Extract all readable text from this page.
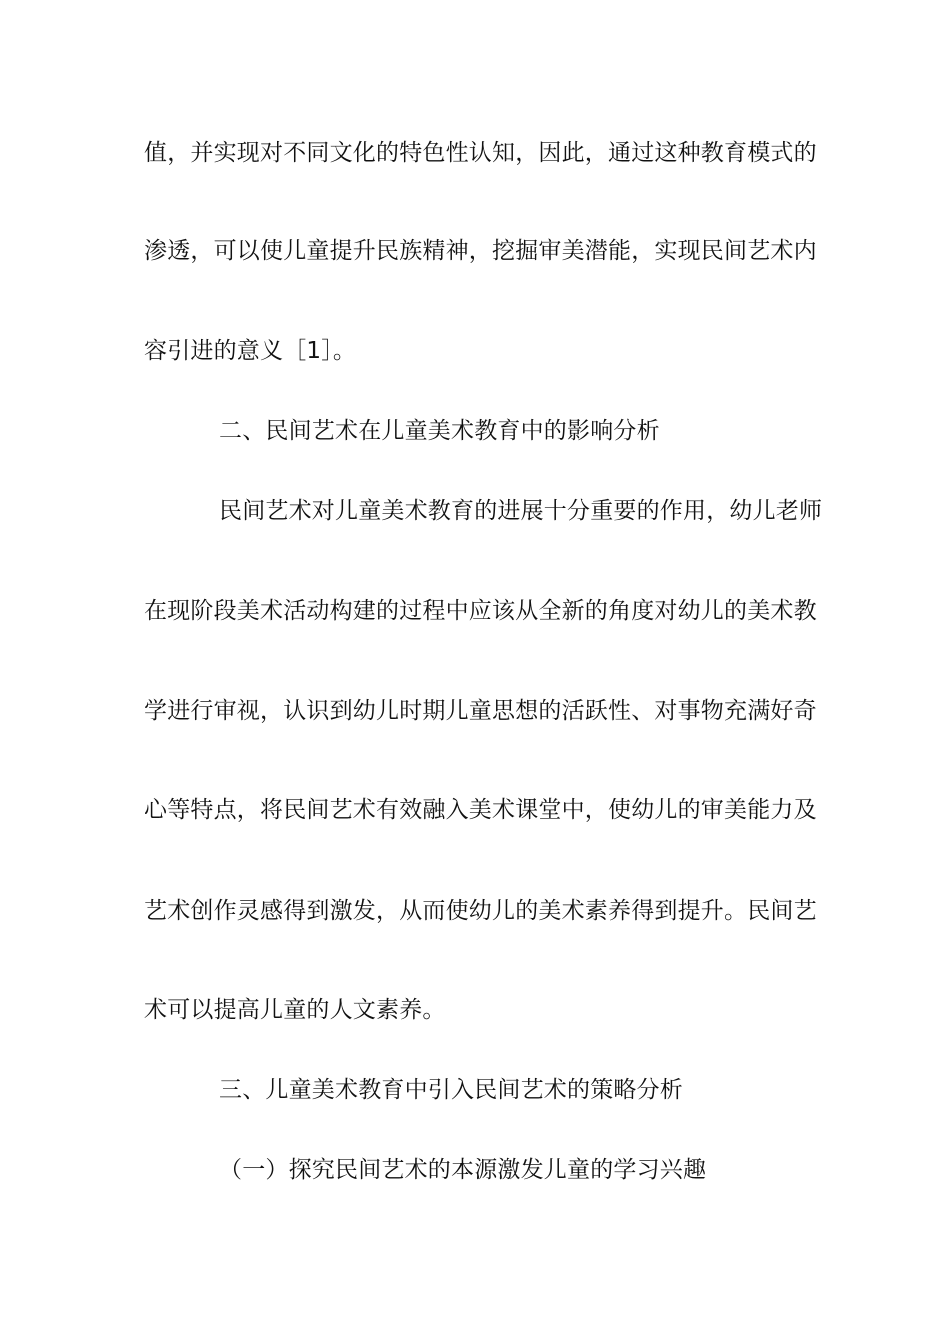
值，并实现对不同文化的特色性认知，因此，通过这种教育模式的
渗透，可以使儿童提升民族精神，挖掘审美潜能，实现民间艺术内
容引进的意义［1］。
二、民间艺术在儿童美术教育中的影响分析
民间艺术对儿童美术教育的进展十分重要的作用，幼儿老师
在现阶段美术活动构建的过程中应该从全新的角度对幼儿的美术教
学进行审视，认识到幼儿时期儿童思想的活跃性、对事物充满好奇
心等特点，将民间艺术有效融入美术课堂中，使幼儿的审美能力及
艺术创作灵感得到激发，从而使幼儿的美术素养得到提升。民间艺
术可以提高儿童的人文素养。
三、儿童美术教育中引入民间艺术的策略分析
（一）探究民间艺术的本源激发儿童的学习兴趣
